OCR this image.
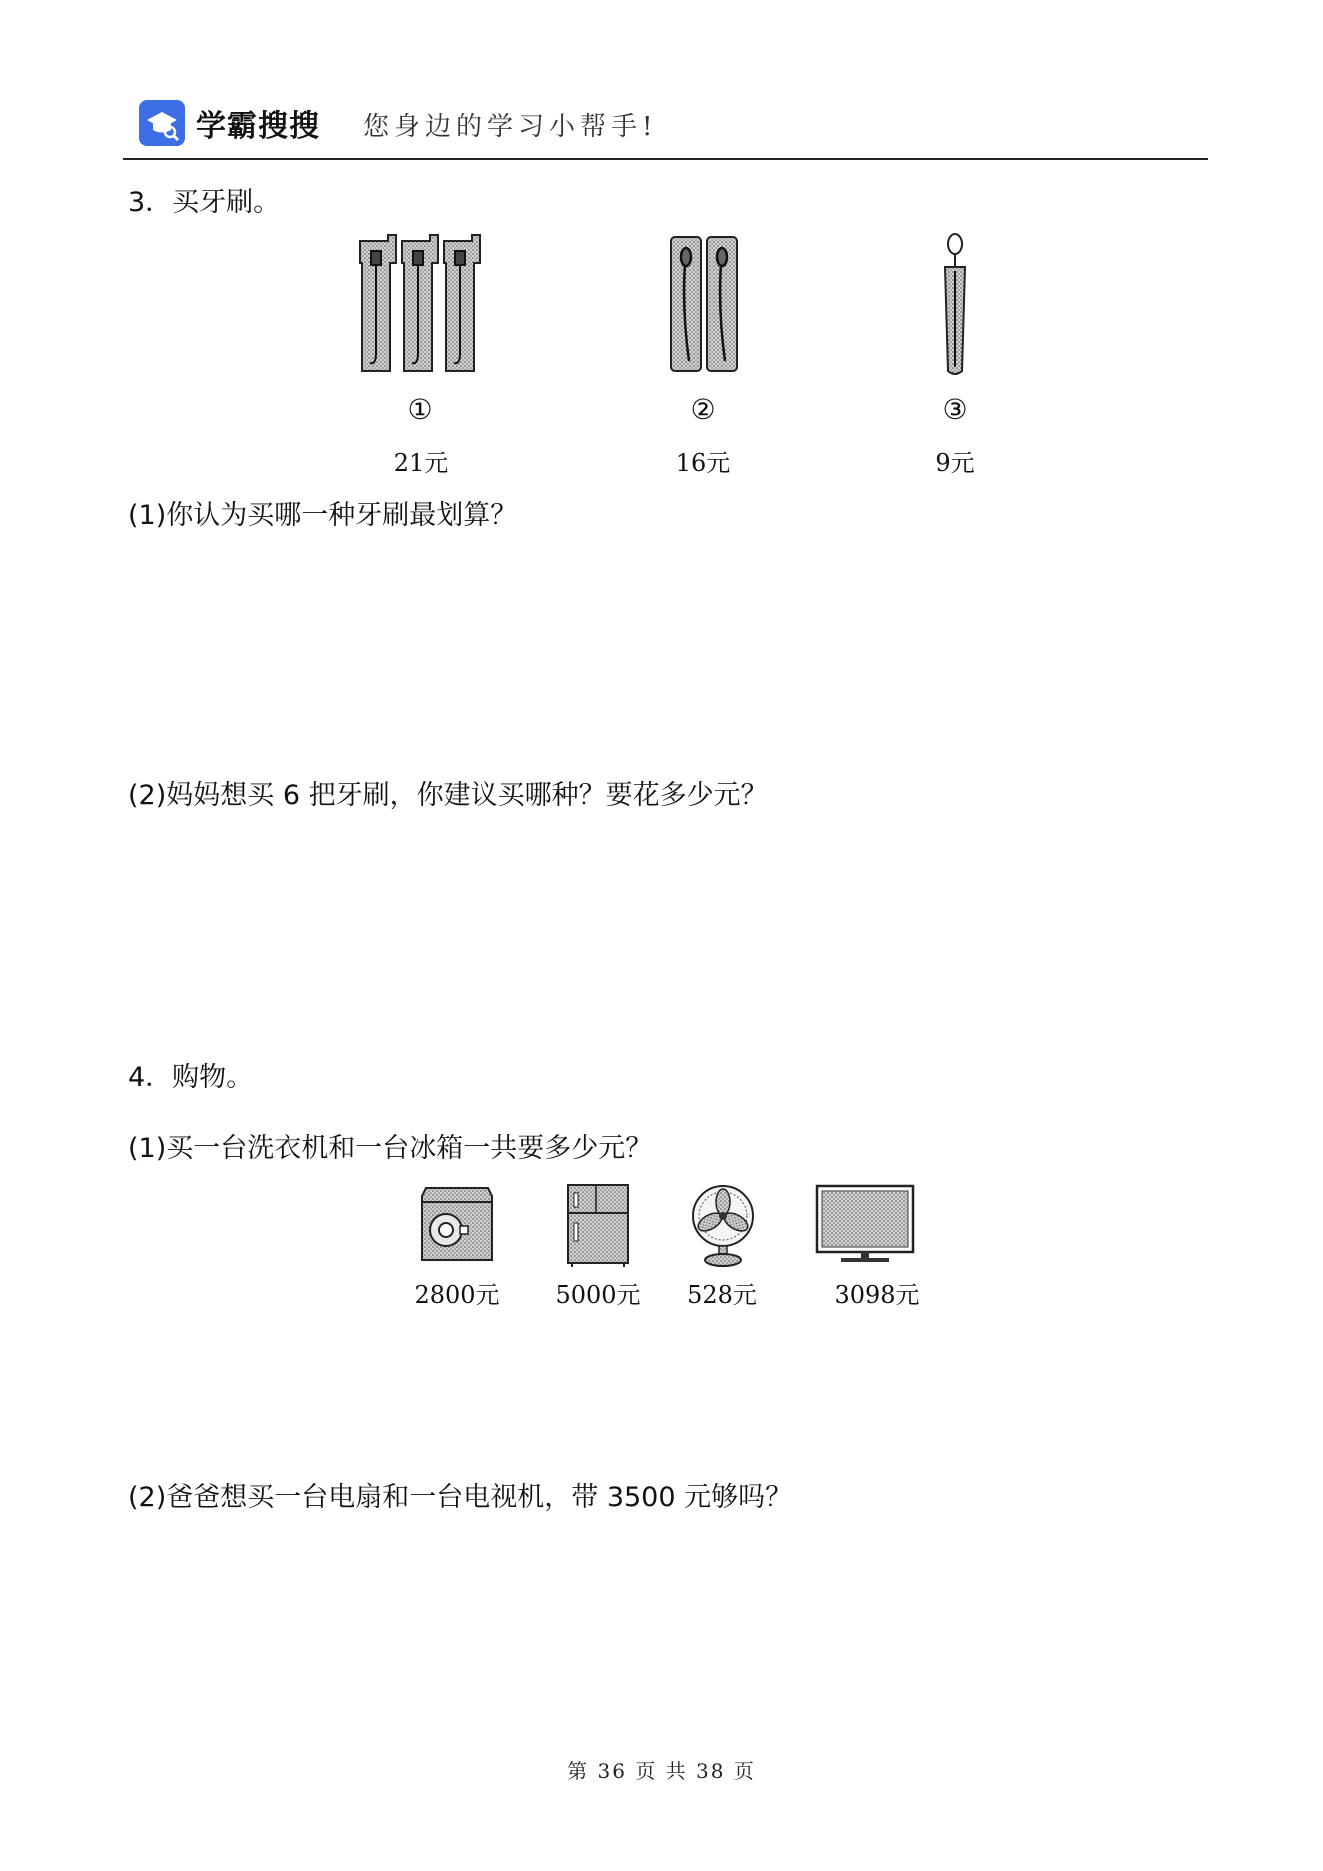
学霸搜搜 您身边的学习小帮手!
3．买牙刷。
①	②	③
21元	16元	9元
(1)你认为买哪一种牙刷最划算？
(2)妈妈想买 6 把牙刷，你建议买哪种？要花多少元？
4．购物。
(1)买一台洗衣机和一台冰箱一共要多少元？
2800元 5000元 528元	3098元
(2)爸爸想买一台电扇和一台电视机，带 3500 元够吗？
第 36 页 共 38 页
